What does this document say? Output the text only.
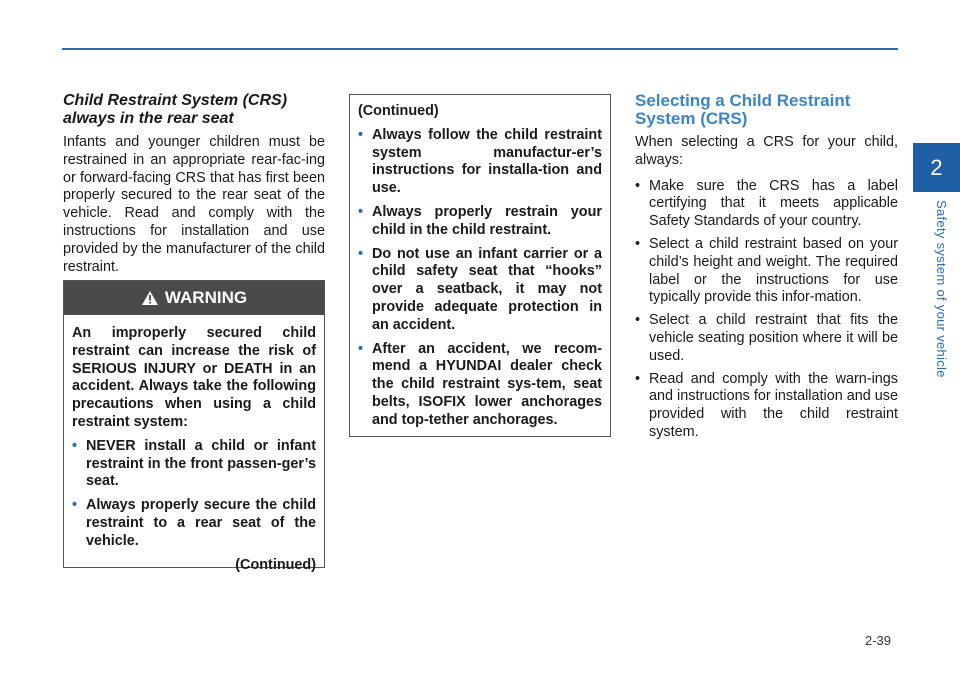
2
Safety system of your vehicle
Child Restraint System (CRS) always in the rear seat

Infants and younger children must be restrained in an appropriate rear-fac-ing or forward-facing CRS that has first been properly secured to the rear seat of the vehicle. Read and comply with the instructions for installation and use provided by the manufacturer of the child restraint.

WARNING

An improperly secured child restraint can increase the risk of SERIOUS INJURY or DEATH in an accident. Always take the following precautions when using a child restraint system:

• NEVER install a child or infant restraint in the front passen-ger’s seat.
• Always properly secure the child restraint to a rear seat of the vehicle.
(Continued)

(Continued)

• Always follow the child restraint system manufactur-er’s instructions for installa-tion and use.
• Always properly restrain your child in the child restraint.
• Do not use an infant carrier or a child safety seat that “hooks” over a seatback, it may not provide adequate protection in an accident.
• After an accident, we recom-mend a HYUNDAI dealer check the child restraint sys-tem, seat belts, ISOFIX lower anchorages and top-tether anchorages.
Selecting a Child Restraint System (CRS)

When selecting a CRS for your child, always:

• Make sure the CRS has a label certifying that it meets applicable Safety Standards of your country.
• Select a child restraint based on your child’s height and weight. The required label or the instructions for use typically provide this infor-mation.
• Select a child restraint that fits the vehicle seating position where it will be used.
• Read and comply with the warn-ings and instructions for installation and use provided with the child restraint system.
2-39
